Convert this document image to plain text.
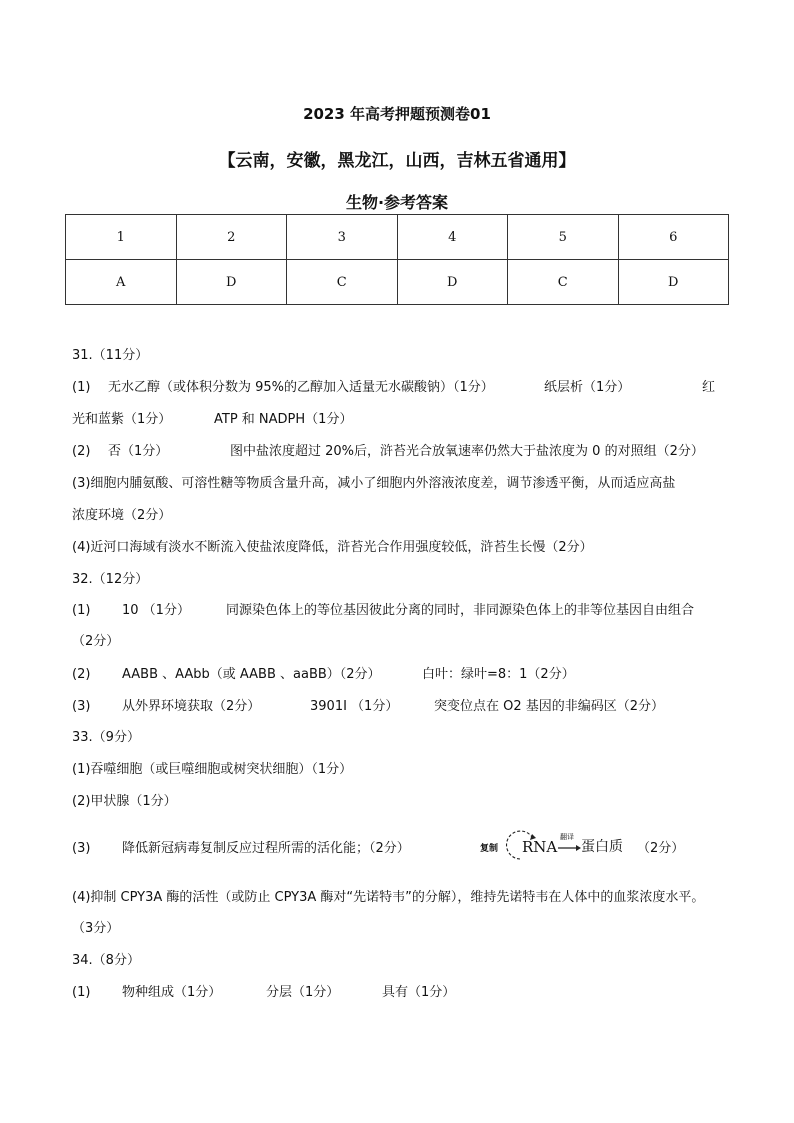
2023 年高考押题预测卷01
【云南，安徽，黑龙江，山西，吉林五省通用】
生物·参考答案
1	2	3	4	5	6
A	D	C	D	C	D
31.（11分）
(1) 无水乙醇（或体积分数为 95%的乙醇加入适量无水碳酸钠）（1分）	纸层析（1分）	红
光和蓝紫（1分）	ATP 和 NADPH（1分）
(2) 否（1分）	图中盐浓度超过 20%后，浒苔光合放氧速率仍然大于盐浓度为 0 的对照组（2分）
(3)细胞内脯氨酸、可溶性糖等物质含量升高，减小了细胞内外溶液浓度差，调节渗透平衡，从而适应高盐
浓度环境（2分）
(4)近河口海域有淡水不断流入使盐浓度降低，浒苔光合作用强度较低，浒苔生长慢（2分）
32.（12分）
(1) 10 （1分）	同源染色体上的等位基因彼此分离的同时，非同源染色体上的非等位基因自由组合
（2分）
(2) AABB 、AAbb（或 AABB 、aaBB）（2分）	白叶：绿叶=8：1（2分）
(3) 从外界环境获取（2分）	3901I （1分）	突变位点在 O2 基因的非编码区（2分）
33.（9分）
(1)吞噬细胞（或巨噬细胞或树突状细胞）（1分）
(2)甲状腺（1分）
(3) 降低新冠病毒复制反应过程所需的活化能；（2分）	复制 RNA
翻译
蛋白质 （2分）
(4)抑制 CPY3A 酶的活性（或防止 CPY3A 酶对“先诺特韦”的分解），维持先诺特韦在人体中的血浆浓度水平。
（3分）
34.（8分）
(1) 物种组成（1分）	分层（1分）	具有（1分）
